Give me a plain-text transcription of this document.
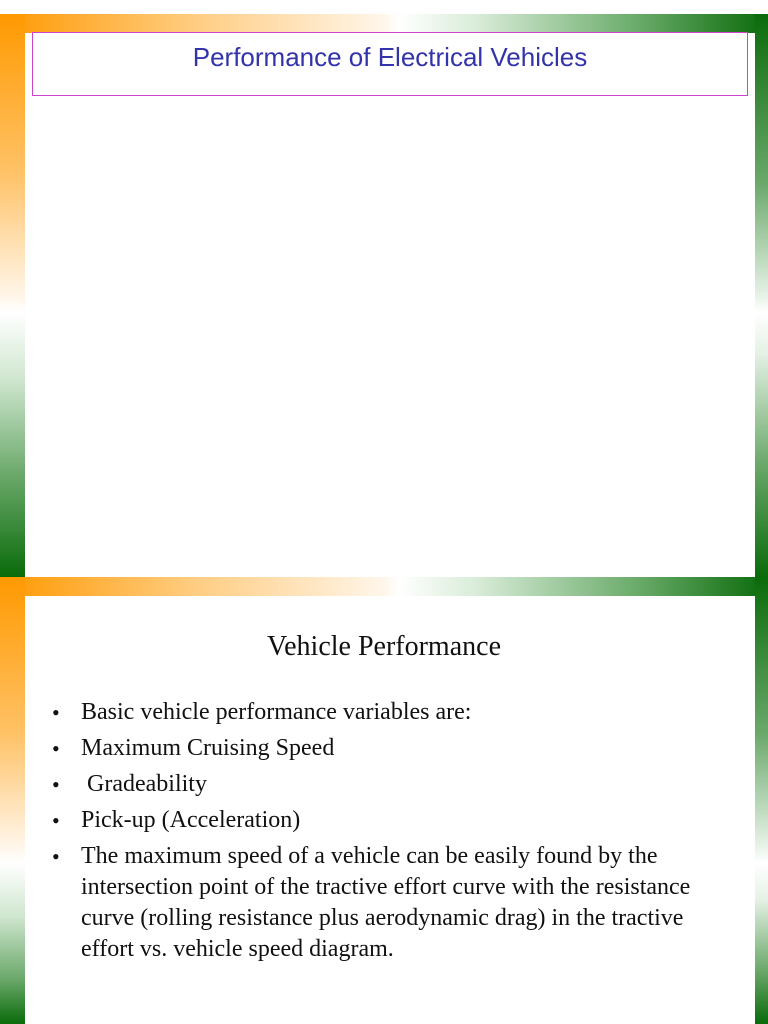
Performance of Electrical Vehicles
Vehicle Performance
• Basic vehicle performance variables are:
• Maximum Cruising Speed
• Gradeability
• Pick-up (Acceleration)
• The maximum speed of a vehicle can be easily found by the intersection point of the tractive effort curve with the resistance curve (rolling resistance plus aerodynamic drag) in the tractive effort vs. vehicle speed diagram.
